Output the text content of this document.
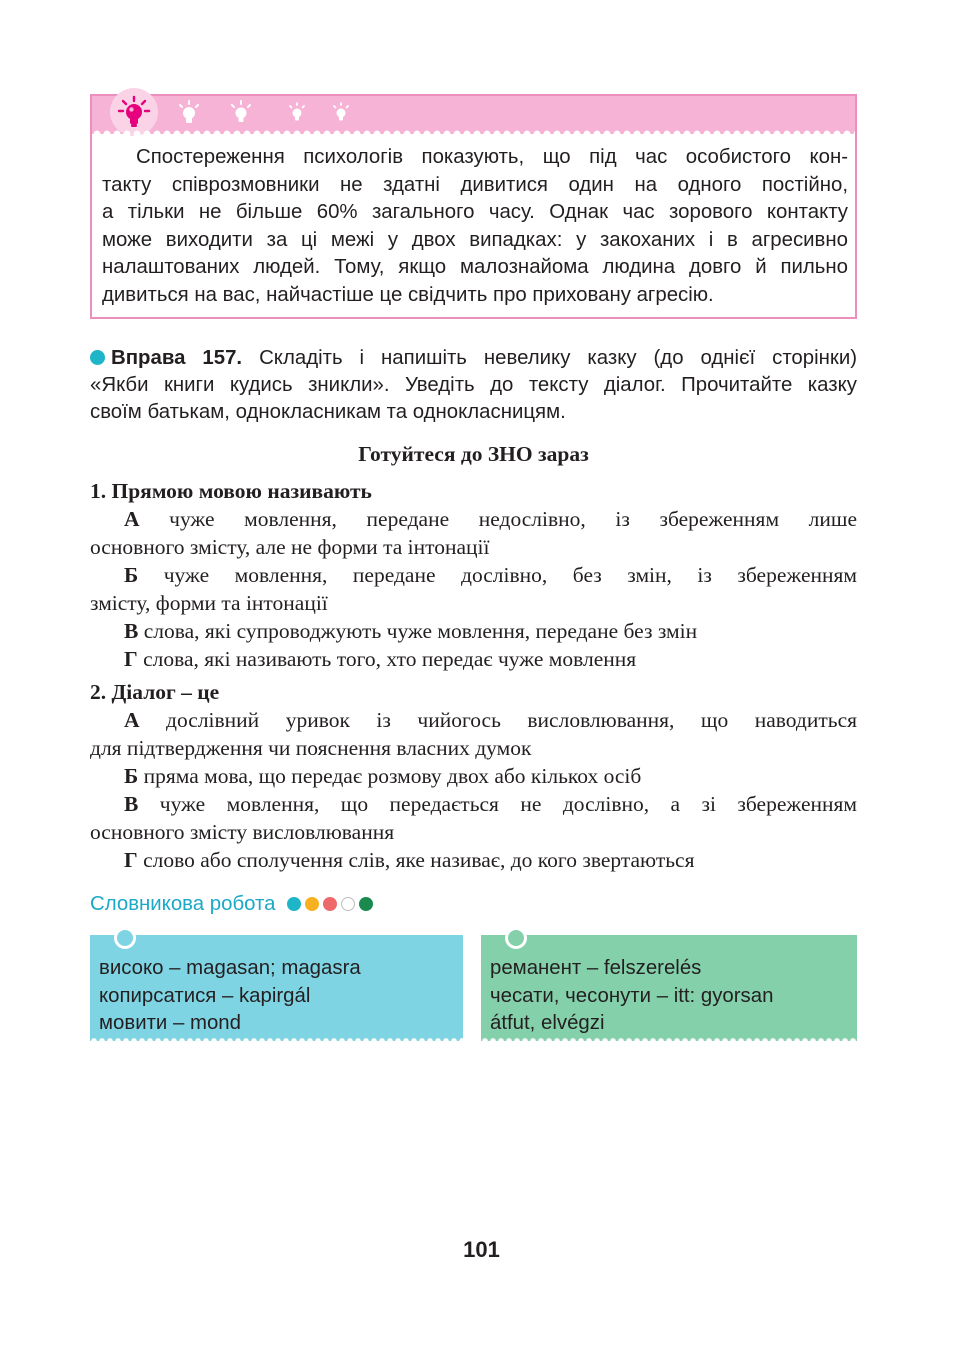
Спостереження психологів показують, що під час особистого кон-
такту співрозмовники не здатні дивитися один на одного постійно,
а тільки не більше 60% загального часу. Однак час зорового контакту
може виходити за ці межі у двох випадках: у закоханих і в агресивно
налаштованих людей. Тому, якщо малознайома людина довго й пильно
дивиться на вас, найчастіше це свідчить про приховану агресію.
Вправа 157. Складіть і напишіть невелику казку (до однієї сторінки)
«Якби книги кудись зникли». Уведіть до тексту діалог. Прочитайте казку
своїм батькам, однокласникам та однокласницям.
Готуйтеся до ЗНО зараз
1. Прямою мовою називають
А чуже мовлення, передане недослівно, із збереженням лише
основного змісту, але не форми та інтонації
Б чуже мовлення, передане дослівно, без змін, із збереженням
змісту, форми та інтонації
В слова, які супроводжують чуже мовлення, передане без змін
Г слова, які називають того, хто передає чуже мовлення
2. Діалог – це
А дослівний уривок із чийогось висловлювання, що наводиться
для підтвердження чи пояснення власних думок
Б пряма мова, що передає розмову двох або кількох осіб
В чуже мовлення, що передається не дослівно, а зі збереженням
основного змісту висловлювання
Г слово або сполучення слів, яке називає, до кого звертаються
Словникова робота
високо – magasan; magasra
копирсатися – kapirgál
мовити – mond
реманент – felszerelés
чесати, чесонути – itt: gyorsan
átfut, elvégzi
101
